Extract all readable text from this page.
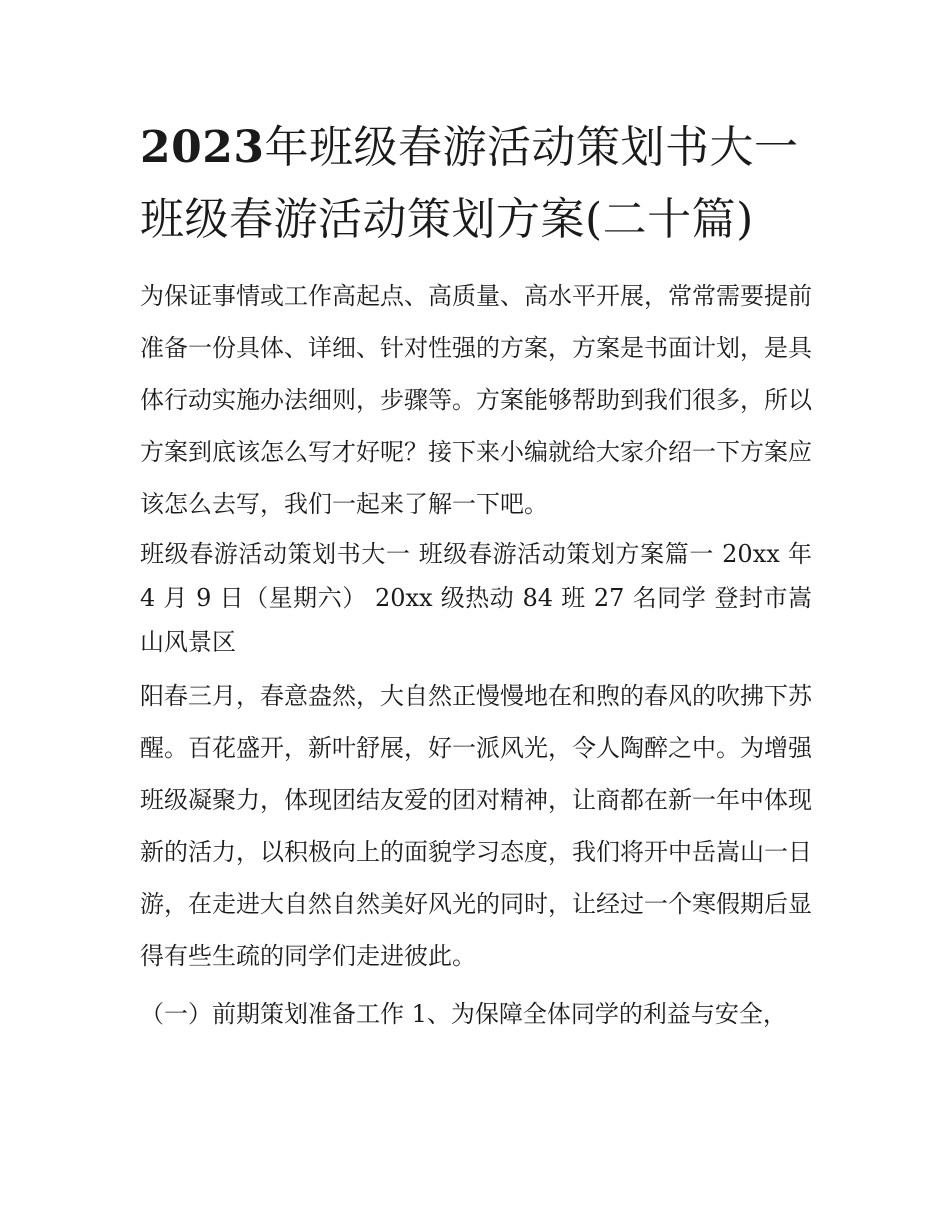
2023年班级春游活动策划书大一 班级春游活动策划方案(二十篇)

为保证事情或工作高起点、高质量、高水平开展，常常需要提前准备一份具体、详细、针对性强的方案，方案是书面计划，是具体行动实施办法细则，步骤等。方案能够帮助到我们很多，所以方案到底该怎么写才好呢？接下来小编就给大家介绍一下方案应该怎么去写，我们一起来了解一下吧。

班级春游活动策划书大一 班级春游活动策划方案篇一 20xx 年 4 月 9 日（星期六） 20xx 级热动 84 班 27 名同学 登封市嵩山风景区

阳春三月，春意盎然，大自然正慢慢地在和煦的春风的吹拂下苏醒。百花盛开，新叶舒展，好一派风光，令人陶醉之中。为增强班级凝聚力，体现团结友爱的团对精神，让商都在新一年中体现新的活力，以积极向上的面貌学习态度，我们将开中岳嵩山一日游，在走进大自然自然美好风光的同时，让经过一个寒假期后显得有些生疏的同学们走进彼此。

（一）前期策划准备工作 1、为保障全体同学的利益与安全，
